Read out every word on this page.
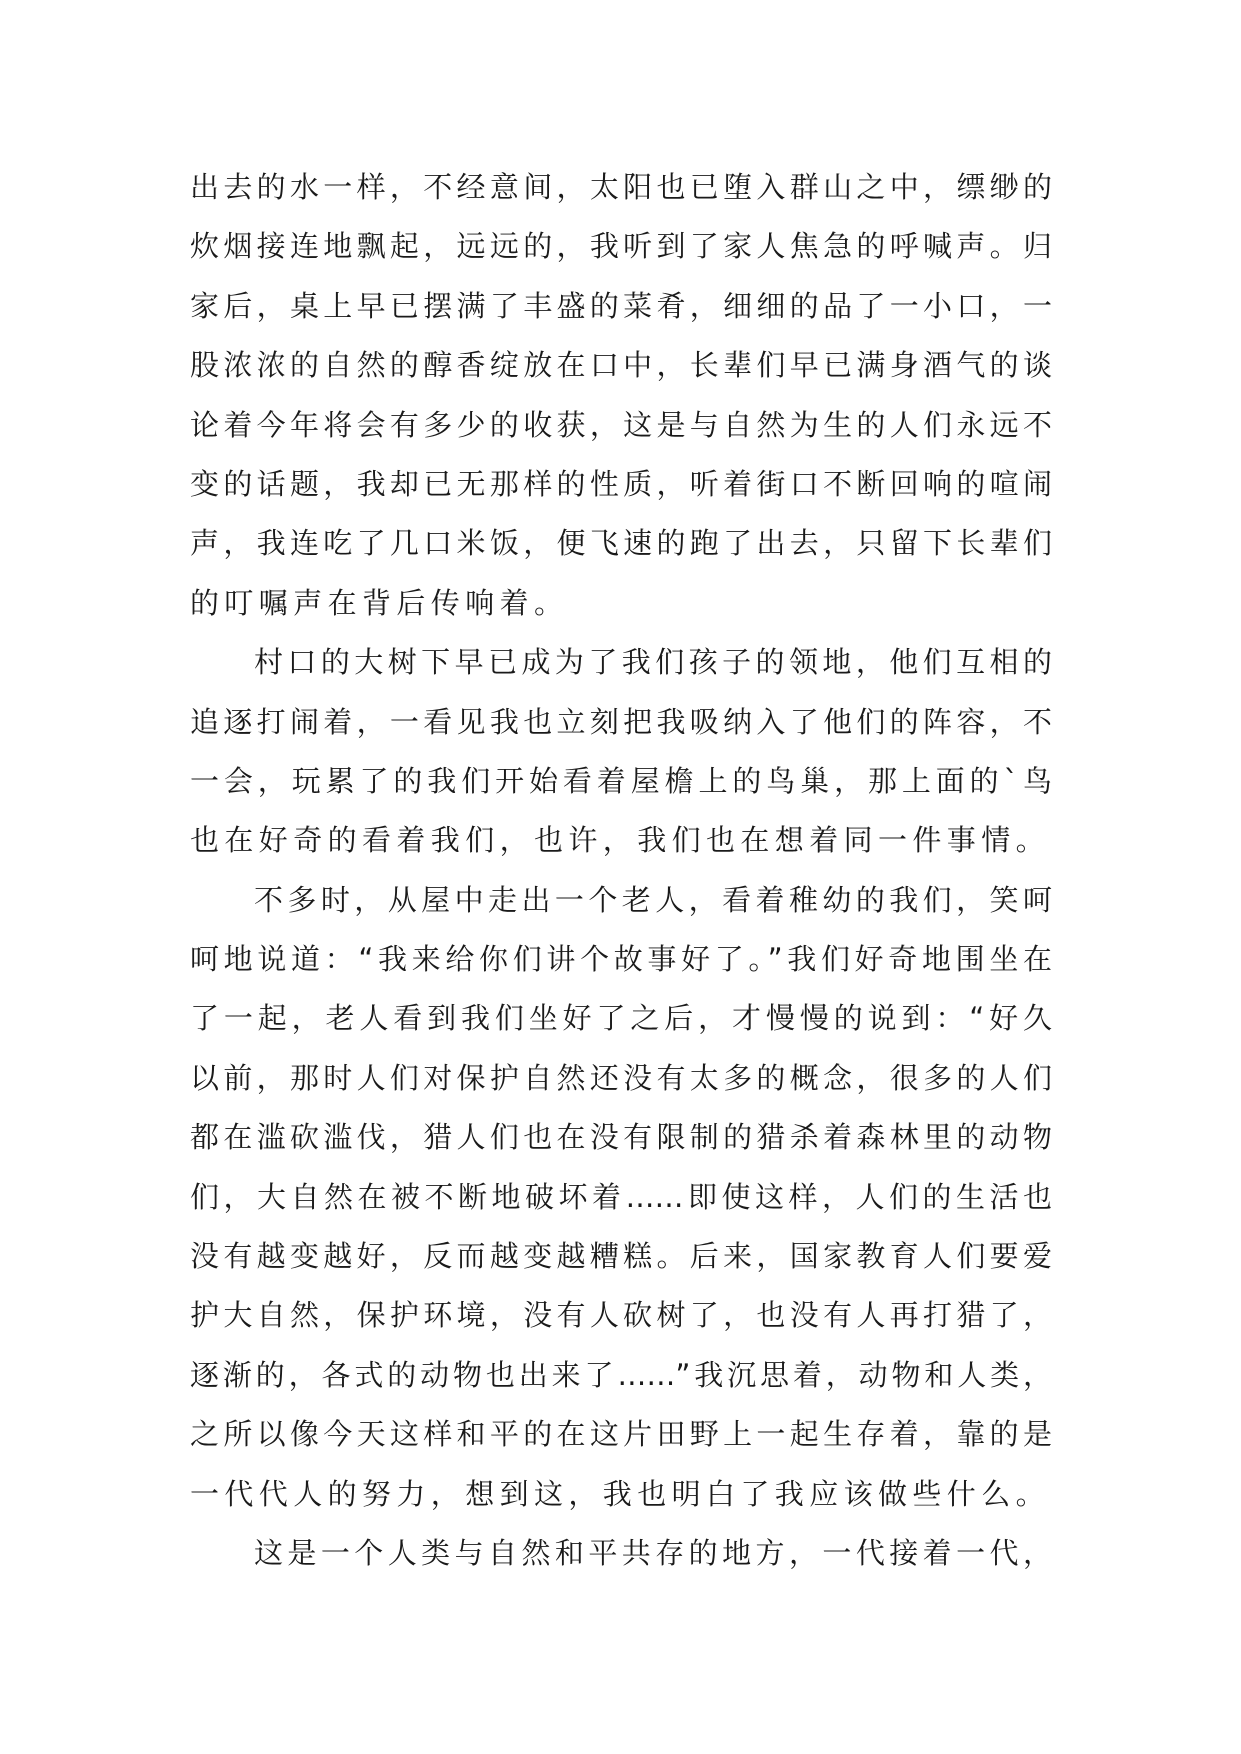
出去的水一样，不经意间，太阳也已堕入群山之中，缥缈的
炊烟接连地飘起，远远的，我听到了家人焦急的呼喊声。归
家后，桌上早已摆满了丰盛的菜肴，细细的品了一小口，一
股浓浓的自然的醇香绽放在口中，长辈们早已满身酒气的谈
论着今年将会有多少的收获，这是与自然为生的人们永远不
变的话题，我却已无那样的性质，听着街口不断回响的喧闹
声，我连吃了几口米饭，便飞速的跑了出去，只留下长辈们
的叮嘱声在背后传响着。
村口的大树下早已成为了我们孩子的领地，他们互相的
追逐打闹着，一看见我也立刻把我吸纳入了他们的阵容，不
一会，玩累了的我们开始看着屋檐上的鸟巢，那上面的`鸟
也在好奇的看着我们，也许，我们也在想着同一件事情。
不多时，从屋中走出一个老人，看着稚幼的我们，笑呵
呵地说道：“我来给你们讲个故事好了。”我们好奇地围坐在
了一起，老人看到我们坐好了之后，才慢慢的说到：“好久
以前，那时人们对保护自然还没有太多的概念，很多的人们
都在滥砍滥伐，猎人们也在没有限制的猎杀着森林里的动物
们，大自然在被不断地破坏着……即使这样，人们的生活也
没有越变越好，反而越变越糟糕。后来，国家教育人们要爱
护大自然，保护环境，没有人砍树了，也没有人再打猎了，
逐渐的，各式的动物也出来了……”我沉思着，动物和人类，
之所以像今天这样和平的在这片田野上一起生存着，靠的是
一代代人的努力，想到这，我也明白了我应该做些什么。
这是一个人类与自然和平共存的地方，一代接着一代，
